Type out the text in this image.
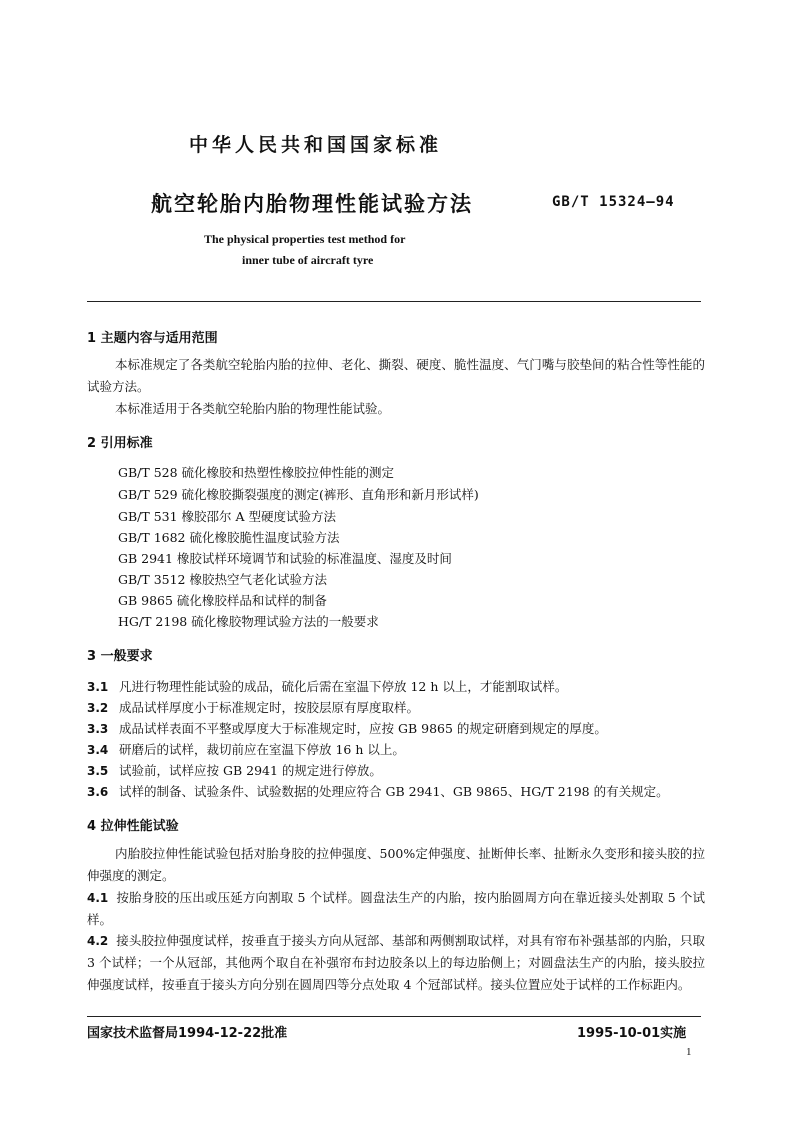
中华人民共和国国家标准
航空轮胎内胎物理性能试验方法	GB/T 15324—94
The physical properties test method for
inner tube of aircraft tyre
1 主题内容与适用范围
本标准规定了各类航空轮胎内胎的拉伸、老化、撕裂、硬度、脆性温度、气门嘴与胶垫间的粘合性等性能的试验方法。
本标准适用于各类航空轮胎内胎的物理性能试验。
2 引用标准
GB/T 528 硫化橡胶和热塑性橡胶拉伸性能的测定
GB/T 529 硫化橡胶撕裂强度的测定(裤形、直角形和新月形试样)
GB/T 531 橡胶邵尔 A 型硬度试验方法
GB/T 1682 硫化橡胶脆性温度试验方法
GB 2941 橡胶试样环境调节和试验的标准温度、湿度及时间
GB/T 3512 橡胶热空气老化试验方法
GB 9865 硫化橡胶样品和试样的制备
HG/T 2198 硫化橡胶物理试验方法的一般要求
3 一般要求
3.1 凡进行物理性能试验的成品，硫化后需在室温下停放 12 h 以上，才能割取试样。
3.2 成品试样厚度小于标准规定时，按胶层原有厚度取样。
3.3 成品试样表面不平整或厚度大于标准规定时，应按 GB 9865 的规定研磨到规定的厚度。
3.4 研磨后的试样，裁切前应在室温下停放 16 h 以上。
3.5 试验前，试样应按 GB 2941 的规定进行停放。
3.6 试样的制备、试验条件、试验数据的处理应符合 GB 2941、GB 9865、HG/T 2198 的有关规定。
4 拉伸性能试验
内胎胶拉伸性能试验包括对胎身胶的拉伸强度、500%定伸强度、扯断伸长率、扯断永久变形和接头胶的拉伸强度的测定。
4.1 按胎身胶的压出或压延方向割取 5 个试样。圆盘法生产的内胎，按内胎圆周方向在靠近接头处割取 5 个试样。
4.2 接头胶拉伸强度试样，按垂直于接头方向从冠部、基部和两侧割取试样，对具有帘布补强基部的内胎，只取 3 个试样；一个从冠部，其他两个取自在补强帘布封边胶条以上的每边胎侧上；对圆盘法生产的内胎，接头胶拉伸强度试样，按垂直于接头方向分别在圆周四等分点处取 4 个冠部试样。接头位置应处于试样的工作标距内。
国家技术监督局1994-12-22批准	1995-10-01实施
1
